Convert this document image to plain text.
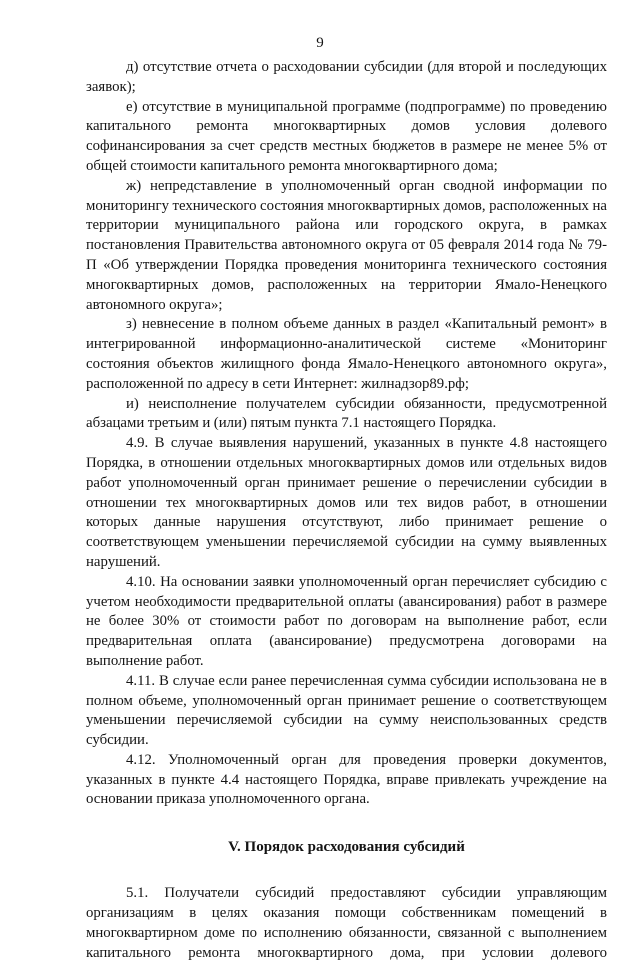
9

д) отсутствие отчета о расходовании субсидии (для второй и последующих заявок);

е) отсутствие в муниципальной программе (подпрограмме) по проведению капитального ремонта многоквартирных домов условия долевого софинансирования за счет средств местных бюджетов в размере не менее 5% от общей стоимости капитального ремонта многоквартирного дома;

ж) непредставление в уполномоченный орган сводной информации по мониторингу технического состояния многоквартирных домов, расположенных на территории муниципального района или городского округа, в рамках постановления Правительства автономного округа от 05 февраля 2014 года № 79-П «Об утверждении Порядка проведения мониторинга технического состояния многоквартирных домов, расположенных на территории Ямало-Ненецкого автономного округа»;

з) невнесение в полном объеме данных в раздел «Капитальный ремонт» в интегрированной информационно-аналитической системе «Мониторинг состояния объектов жилищного фонда Ямало-Ненецкого автономного округа», расположенной по адресу в сети Интернет: жилнадзор89.рф;

и) неисполнение получателем субсидии обязанности, предусмотренной абзацами третьим и (или) пятым пункта 7.1 настоящего Порядка.

4.9. В случае выявления нарушений, указанных в пункте 4.8 настоящего Порядка, в отношении отдельных многоквартирных домов или отдельных видов работ уполномоченный орган принимает решение о перечислении субсидии в отношении тех многоквартирных домов или тех видов работ, в отношении которых данные нарушения отсутствуют, либо принимает решение о соответствующем уменьшении перечисляемой субсидии на сумму выявленных нарушений.

4.10. На основании заявки уполномоченный орган перечисляет субсидию с учетом необходимости предварительной оплаты (авансирования) работ в размере не более 30% от стоимости работ по договорам на выполнение работ, если предварительная оплата (авансирование) предусмотрена договорами на выполнение работ.

4.11. В случае если ранее перечисленная сумма субсидии использована не в полном объеме, уполномоченный орган принимает решение о соответствующем уменьшении перечисляемой субсидии на сумму неиспользованных средств субсидии.

4.12. Уполномоченный орган для проведения проверки документов, указанных в пункте 4.4 настоящего Порядка, вправе привлекать учреждение на основании приказа уполномоченного органа.

V. Порядок расходования субсидий

5.1. Получатели субсидий предоставляют субсидии управляющим организациям в целях оказания помощи собственникам помещений в многоквартирном доме по исполнению обязанности, связанной с выполнением капитального ремонта многоквартирного дома, при условии долевого
